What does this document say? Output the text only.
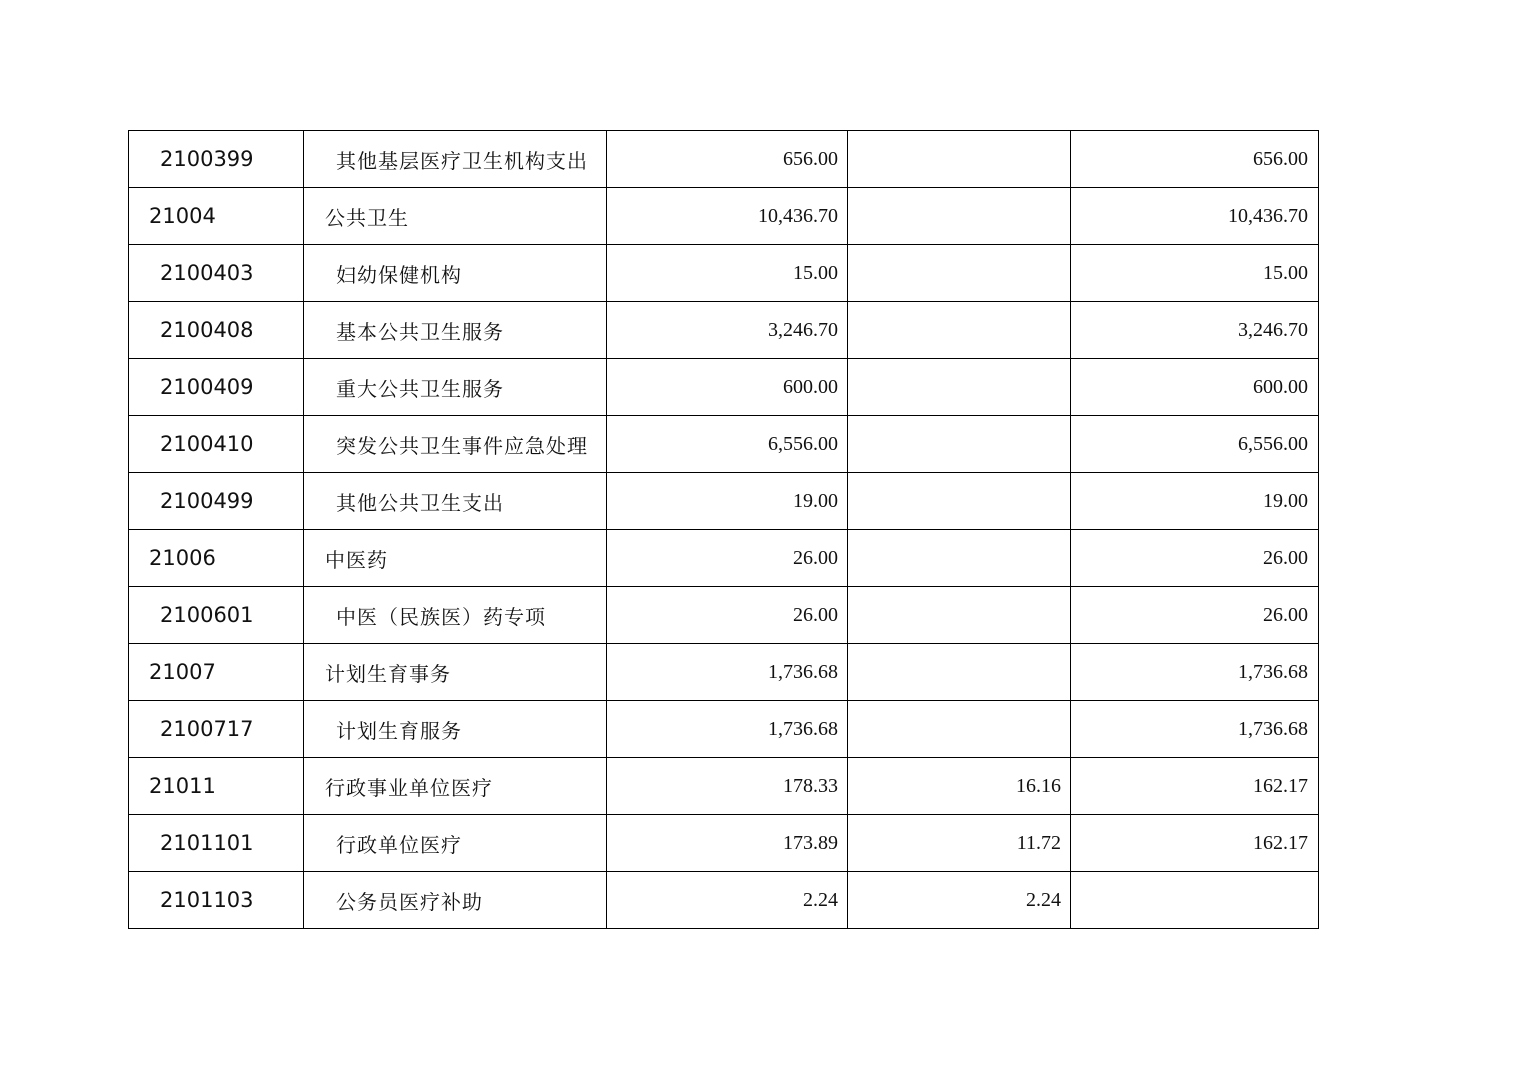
2100399	其他基层医疗卫生机构支出	656.00		656.00
21004	公共卫生	10,436.70		10,436.70
2100403	妇幼保健机构	15.00		15.00
2100408	基本公共卫生服务	3,246.70		3,246.70
2100409	重大公共卫生服务	600.00		600.00
2100410	突发公共卫生事件应急处理	6,556.00		6,556.00
2100499	其他公共卫生支出	19.00		19.00
21006	中医药	26.00		26.00
2100601	中医（民族医）药专项	26.00		26.00
21007	计划生育事务	1,736.68		1,736.68
2100717	计划生育服务	1,736.68		1,736.68
21011	行政事业单位医疗	178.33	16.16	162.17
2101101	行政单位医疗	173.89	11.72	162.17
2101103	公务员医疗补助	2.24	2.24	
